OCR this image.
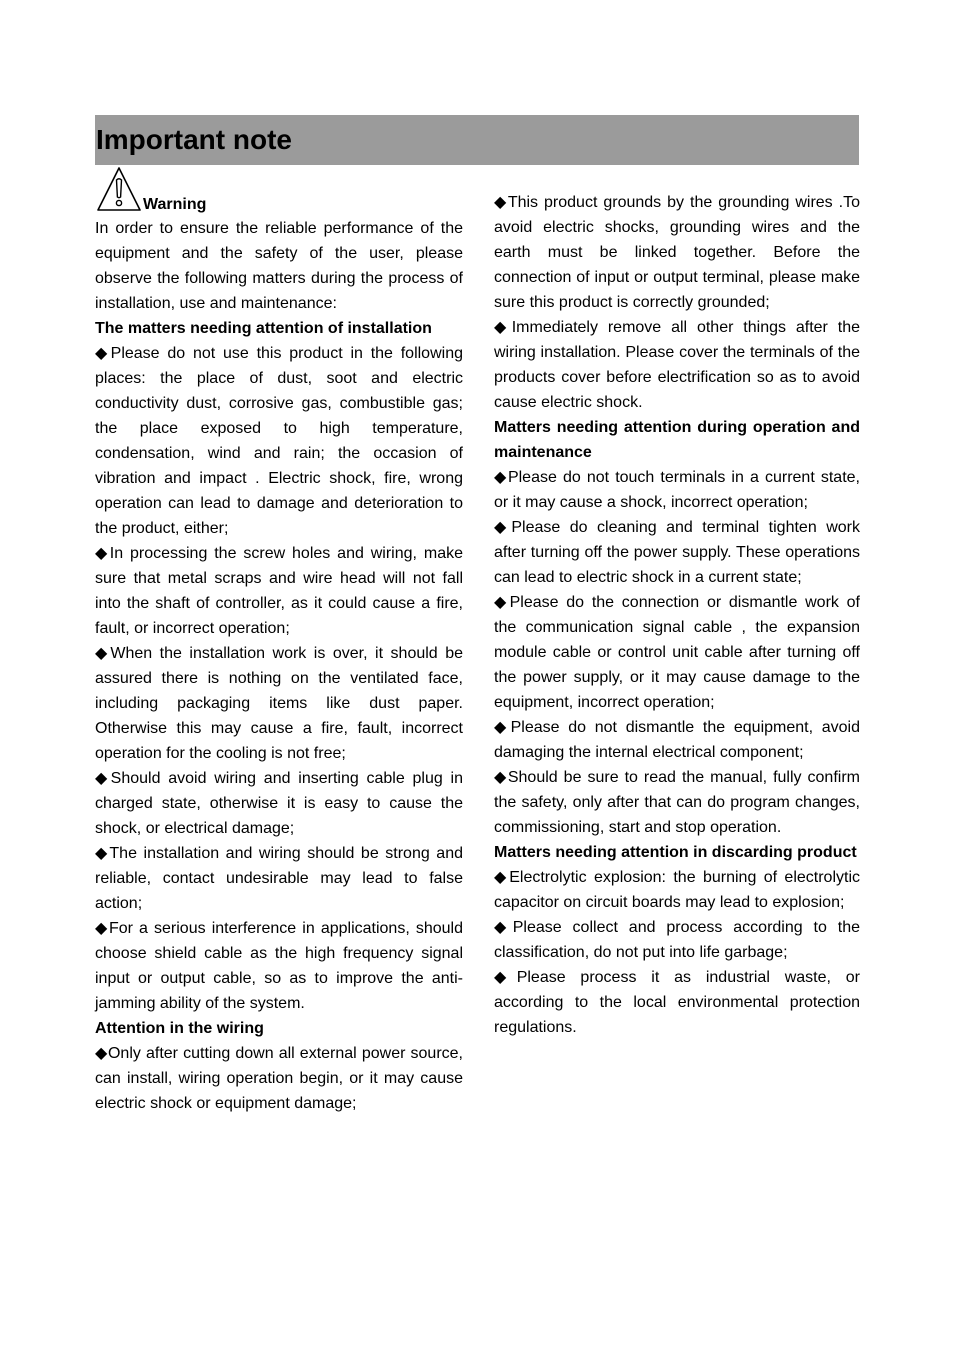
Important note
Warning

In order to ensure the reliable performance of the equipment and the safety of the user, please observe the following matters during the process of installation, use and maintenance:

The matters needing attention of installation

◆ Please do not use this product in the following places: the place of dust, soot and electric conductivity dust, corrosive gas, combustible gas; the place exposed to high temperature, condensation, wind and rain; the occasion of vibration and impact . Electric shock, fire, wrong operation can lead to damage and deterioration to the product, either;

◆ In processing the screw holes and wiring, make sure that metal scraps and wire head will not fall into the shaft of controller, as it could cause a fire, fault, or incorrect operation;

◆ When the installation work is over, it should be assured there is nothing on the ventilated face, including packaging items like dust paper. Otherwise this may cause a fire, fault, incorrect operation for the cooling is not free;

◆ Should avoid wiring and inserting cable plug in charged state, otherwise it is easy to cause the shock, or electrical damage;

◆ The installation and wiring should be strong and reliable, contact undesirable may lead to false action;

◆ For a serious interference in applications, should choose shield cable as the high frequency signal input or output cable, so as to improve the anti-jamming ability of the system.

Attention in the wiring

◆ Only after cutting down all external power source, can install, wiring operation begin, or it may cause electric shock or equipment damage;

◆ This product grounds by the grounding wires .To avoid electric shocks, grounding wires and the earth must be linked together. Before the connection of input or output terminal, please make sure this product is correctly grounded;

◆ Immediately remove all other things after the wiring installation. Please cover the terminals of the products cover before electrification so as to avoid cause electric shock.

Matters needing attention during operation and maintenance

◆ Please do not touch terminals in a current state, or it may cause a shock, incorrect operation;

◆ Please do cleaning and terminal tighten work after turning off the power supply. These operations can lead to electric shock in a current state;

◆ Please do the connection or dismantle work of the communication signal cable , the expansion module cable or control unit cable after turning off the power supply, or it may cause damage to the equipment, incorrect operation;

◆ Please do not dismantle the equipment, avoid damaging the internal electrical component;

◆ Should be sure to read the manual, fully confirm the safety, only after that can do program changes, commissioning, start and stop operation.

Matters needing attention in discarding product

◆ Electrolytic explosion: the burning of electrolytic capacitor on circuit boards may lead to explosion;

◆ Please collect and process according to the classification, do not put into life garbage;

◆ Please process it as industrial waste, or according to the local environmental protection regulations.
